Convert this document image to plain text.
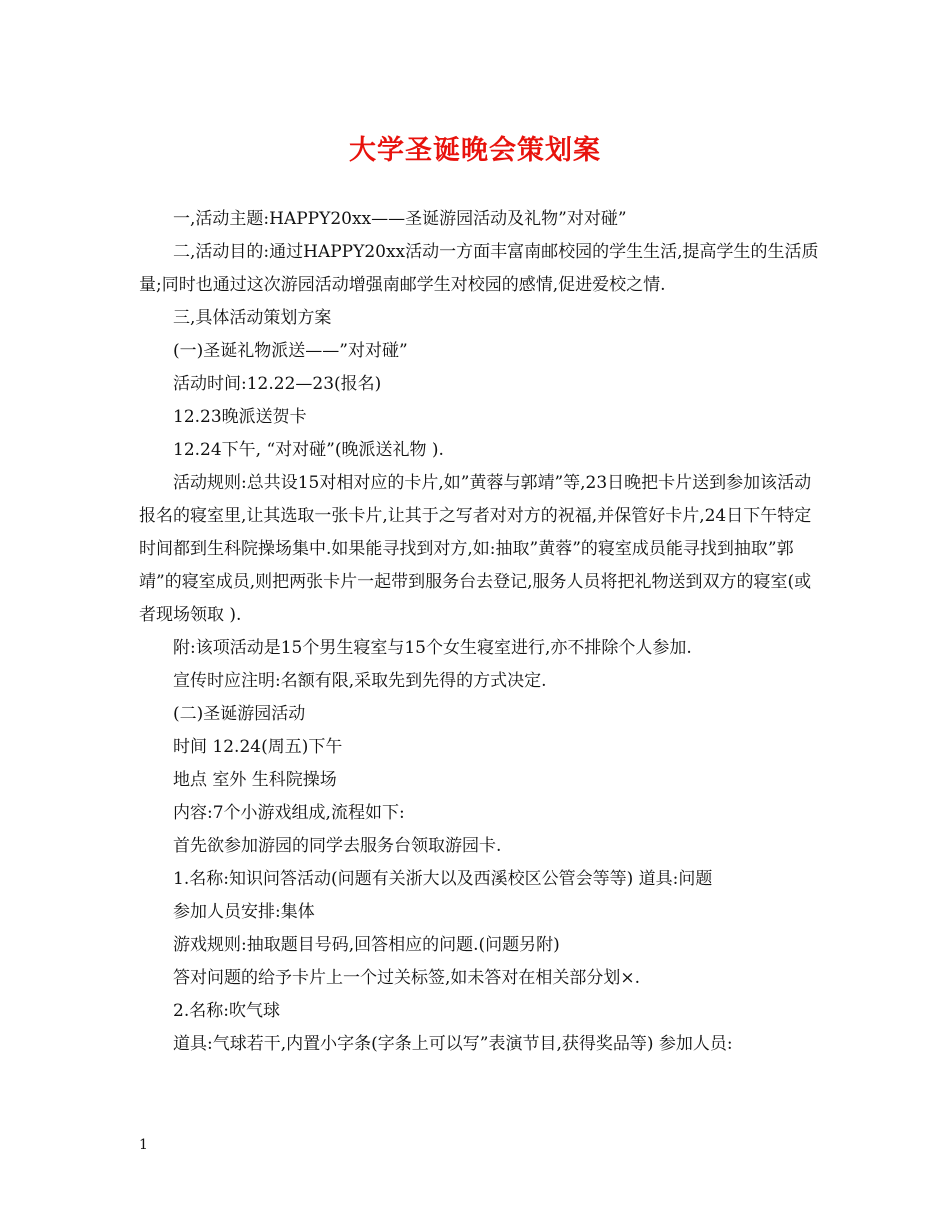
大学圣诞晚会策划案

一,活动主题:HAPPY20xx——圣诞游园活动及礼物”对对碰”

二,活动目的:通过HAPPY20xx活动一方面丰富南邮校园的学生生活,提高学生的生活质量;同时也通过这次游园活动增强南邮学生对校园的感情,促进爱校之情.

三,具体活动策划方案

(一)圣诞礼物派送——”对对碰”

活动时间:12.22—23(报名)

12.23晚派送贺卡

12.24下午, “对对碰”(晚派送礼物 ).

活动规则:总共设15对相对应的卡片,如”黄蓉与郭靖”等,23日晚把卡片送到参加该活动报名的寝室里,让其选取一张卡片,让其于之写者对对方的祝福,并保管好卡片,24日下午特定时间都到生科院操场集中.如果能寻找到对方,如:抽取”黄蓉”的寝室成员能寻找到抽取”郭靖”的寝室成员,则把两张卡片一起带到服务台去登记,服务人员将把礼物送到双方的寝室(或者现场领取 ).

附:该项活动是15个男生寝室与15个女生寝室进行,亦不排除个人参加.

宣传时应注明:名额有限,采取先到先得的方式决定.

(二)圣诞游园活动

时间 12.24(周五)下午

地点 室外 生科院操场

内容:7个小游戏组成,流程如下:

首先欲参加游园的同学去服务台领取游园卡.

1.名称:知识问答活动(问题有关浙大以及西溪校区公管会等等) 道具:问题

参加人员安排:集体

游戏规则:抽取题目号码,回答相应的问题.(问题另附)

答对问题的给予卡片上一个过关标签,如未答对在相关部分划×.

2.名称:吹气球

道具:气球若干,内置小字条(字条上可以写”表演节目,获得奖品等) 参加人员:

1
